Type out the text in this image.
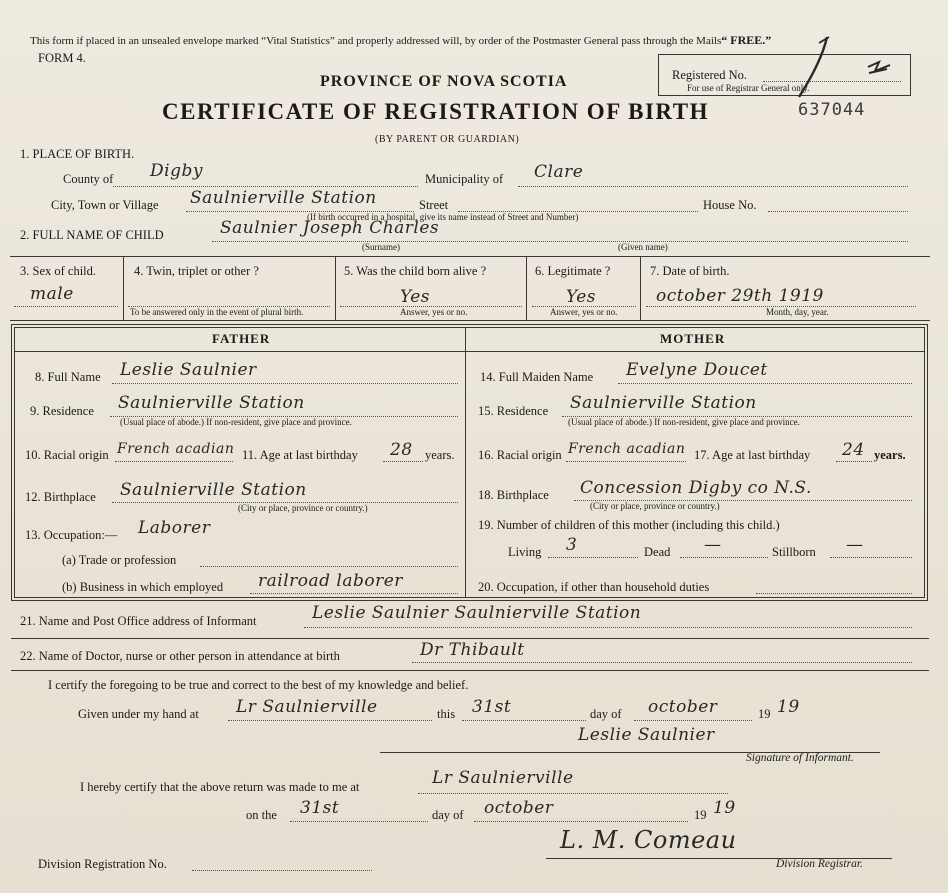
This form if placed in an unsealed envelope marked “Vital Statistics” and properly addressed will, by order of the Postmaster General pass through the Mails“ FREE.”
FORM 4.
PROVINCE OF NOVA SCOTIA
CERTIFICATE OF REGISTRATION OF BIRTH
(BY PARENT OR GUARDIAN)
Registered No.
For use of Registrar General only.
637044
1. PLACE OF BIRTH.
County of Digby	Municipality of Clare
City, Town or Village Saulnierville Station	Street
(If birth occurred in a hospital, give its name instead of Street and Number)
House No.
2. FULL NAME OF CHILD	Saulnier Joseph Charles
(Surname)	(Given name)
3. Sex of child.
male
4. Twin, triplet or other ?
To be answered only in the event of plural birth.
5. Was the child born alive ?
Yes
Answer, yes or no.
6. Legitimate ?
Yes
Answer, yes or no.
7. Date of birth.
october 29th 1919
Month, day, year.
FATHER	MOTHER
8. Full Name Leslie Saulnier
9. Residence Saulnierville Station
(Usual place of abode.) If non-resident, give place and province.
10. Racial origin French acadian 11. Age at last birthday 28 years.
12. Birthplace Saulnierville Station
(City or place, province or country.)
13. Occupation:— Laborer
(a) Trade or profession
(b) Business in which employed railroad laborer
14. Full Maiden Name Evelyne Doucet
15. Residence Saulnierville Station
(Usual place of abode.) If non-resident, give place and province.
16. Racial origin French acadian 17. Age at last birthday 24 years.
18. Birthplace Concession Digby co N.S.
(City or place, province or country.)
19. Number of children of this mother (including this child.)
Living 3	Dead —	Stillborn —
20. Occupation, if other than household duties
21. Name and Post Office address of Informant	Leslie Saulnier Saulnierville Station
22. Name of Doctor, nurse or other person in attendance at birth	Dr Thibault
I certify the foregoing to be true and correct to the best of my knowledge and belief.
Given under my hand at Lr Saulnierville	this 31st	day of october	19 19
Leslie Saulnier
Signature of Informant.
I hereby certify that the above return was made to me at	Lr Saulnierville
on the 31st	day of october	19 19
L. M. Comeau
Division Registration No.	Division Registrar.
